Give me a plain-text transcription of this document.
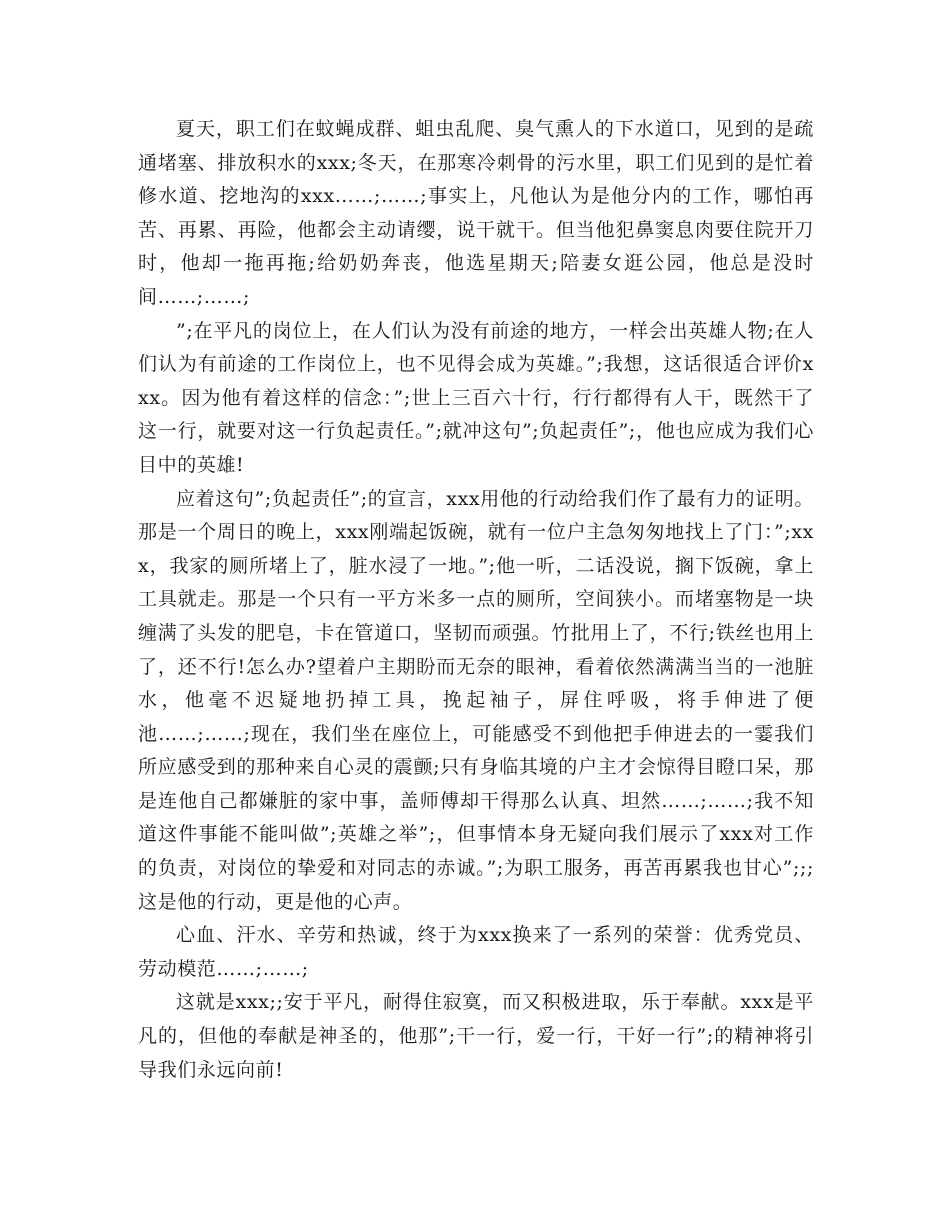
夏天，职工们在蚊蝇成群、蛆虫乱爬、臭气熏人的下水道口，见到的是疏通堵塞、排放积水的xxx;冬天，在那寒冷刺骨的污水里，职工们见到的是忙着修水道、挖地沟的xxx……;……;事实上，凡他认为是他分内的工作，哪怕再苦、再累、再险，他都会主动请缨，说干就干。但当他犯鼻窦息肉要住院开刀时，他却一拖再拖;给奶奶奔丧，他选星期天;陪妻女逛公园，他总是没时间……;……;

”;在平凡的岗位上，在人们认为没有前途的地方，一样会出英雄人物;在人们认为有前途的工作岗位上，也不见得会成为英雄。”;我想，这话很适合评价xxx。因为他有着这样的信念：”;世上三百六十行，行行都得有人干，既然干了这一行，就要对这一行负起责任。”;就冲这句”;负起责任”;，他也应成为我们心目中的英雄!

应着这句”;负起责任”;的宣言，xxx用他的行动给我们作了最有力的证明。那是一个周日的晚上，xxx刚端起饭碗，就有一位户主急匆匆地找上了门：”;xxx，我家的厕所堵上了，脏水浸了一地。”;他一听，二话没说，搁下饭碗，拿上工具就走。那是一个只有一平方米多一点的厕所，空间狭小。而堵塞物是一块缠满了头发的肥皂，卡在管道口，坚韧而顽强。竹批用上了，不行;铁丝也用上了，还不行!怎么办?望着户主期盼而无奈的眼神，看着依然满满当当的一池脏水，他毫不迟疑地扔掉工具，挽起袖子，屏住呼吸，将手伸进了便池……;……;现在，我们坐在座位上，可能感受不到他把手伸进去的一霎我们所应感受到的那种来自心灵的震颤;只有身临其境的户主才会惊得目瞪口呆，那是连他自己都嫌脏的家中事，盖师傅却干得那么认真、坦然……;……;我不知道这件事能不能叫做”;英雄之举”;，但事情本身无疑向我们展示了xxx对工作的负责，对岗位的挚爱和对同志的赤诚。”;为职工服务，再苦再累我也甘心”;;;这是他的行动，更是他的心声。

心血、汗水、辛劳和热诚，终于为xxx换来了一系列的荣誉：优秀党员、劳动模范……;……;

这就是xxx;;安于平凡，耐得住寂寞，而又积极进取，乐于奉献。xxx是平凡的，但他的奉献是神圣的，他那”;干一行，爱一行，干好一行”;的精神将引导我们永远向前!
